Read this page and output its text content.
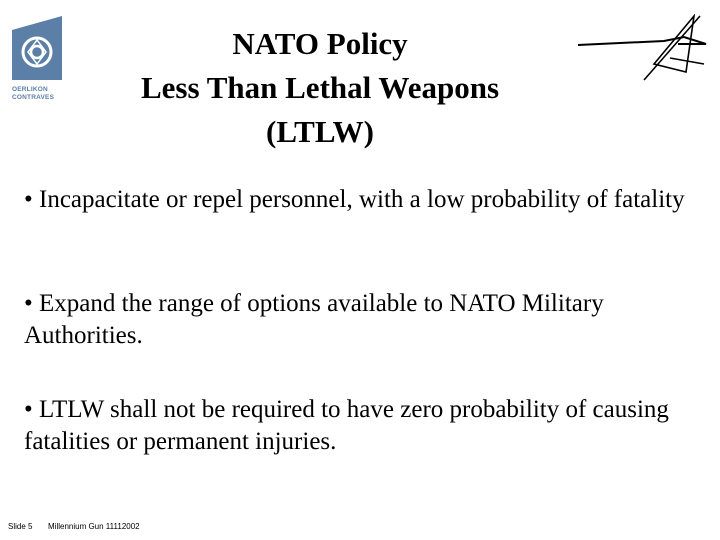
OERLIKON
CONTRAVES
NATO Policy
Less Than Lethal Weapons
(LTLW)
• Incapacitate or repel personnel, with a low probability of fatality
• Expand the range of options available to NATO Military Authorities.
• LTLW shall not be required to have zero probability of causing fatalities or permanent injuries.
Slide 5 Millennium Gun 11112002
